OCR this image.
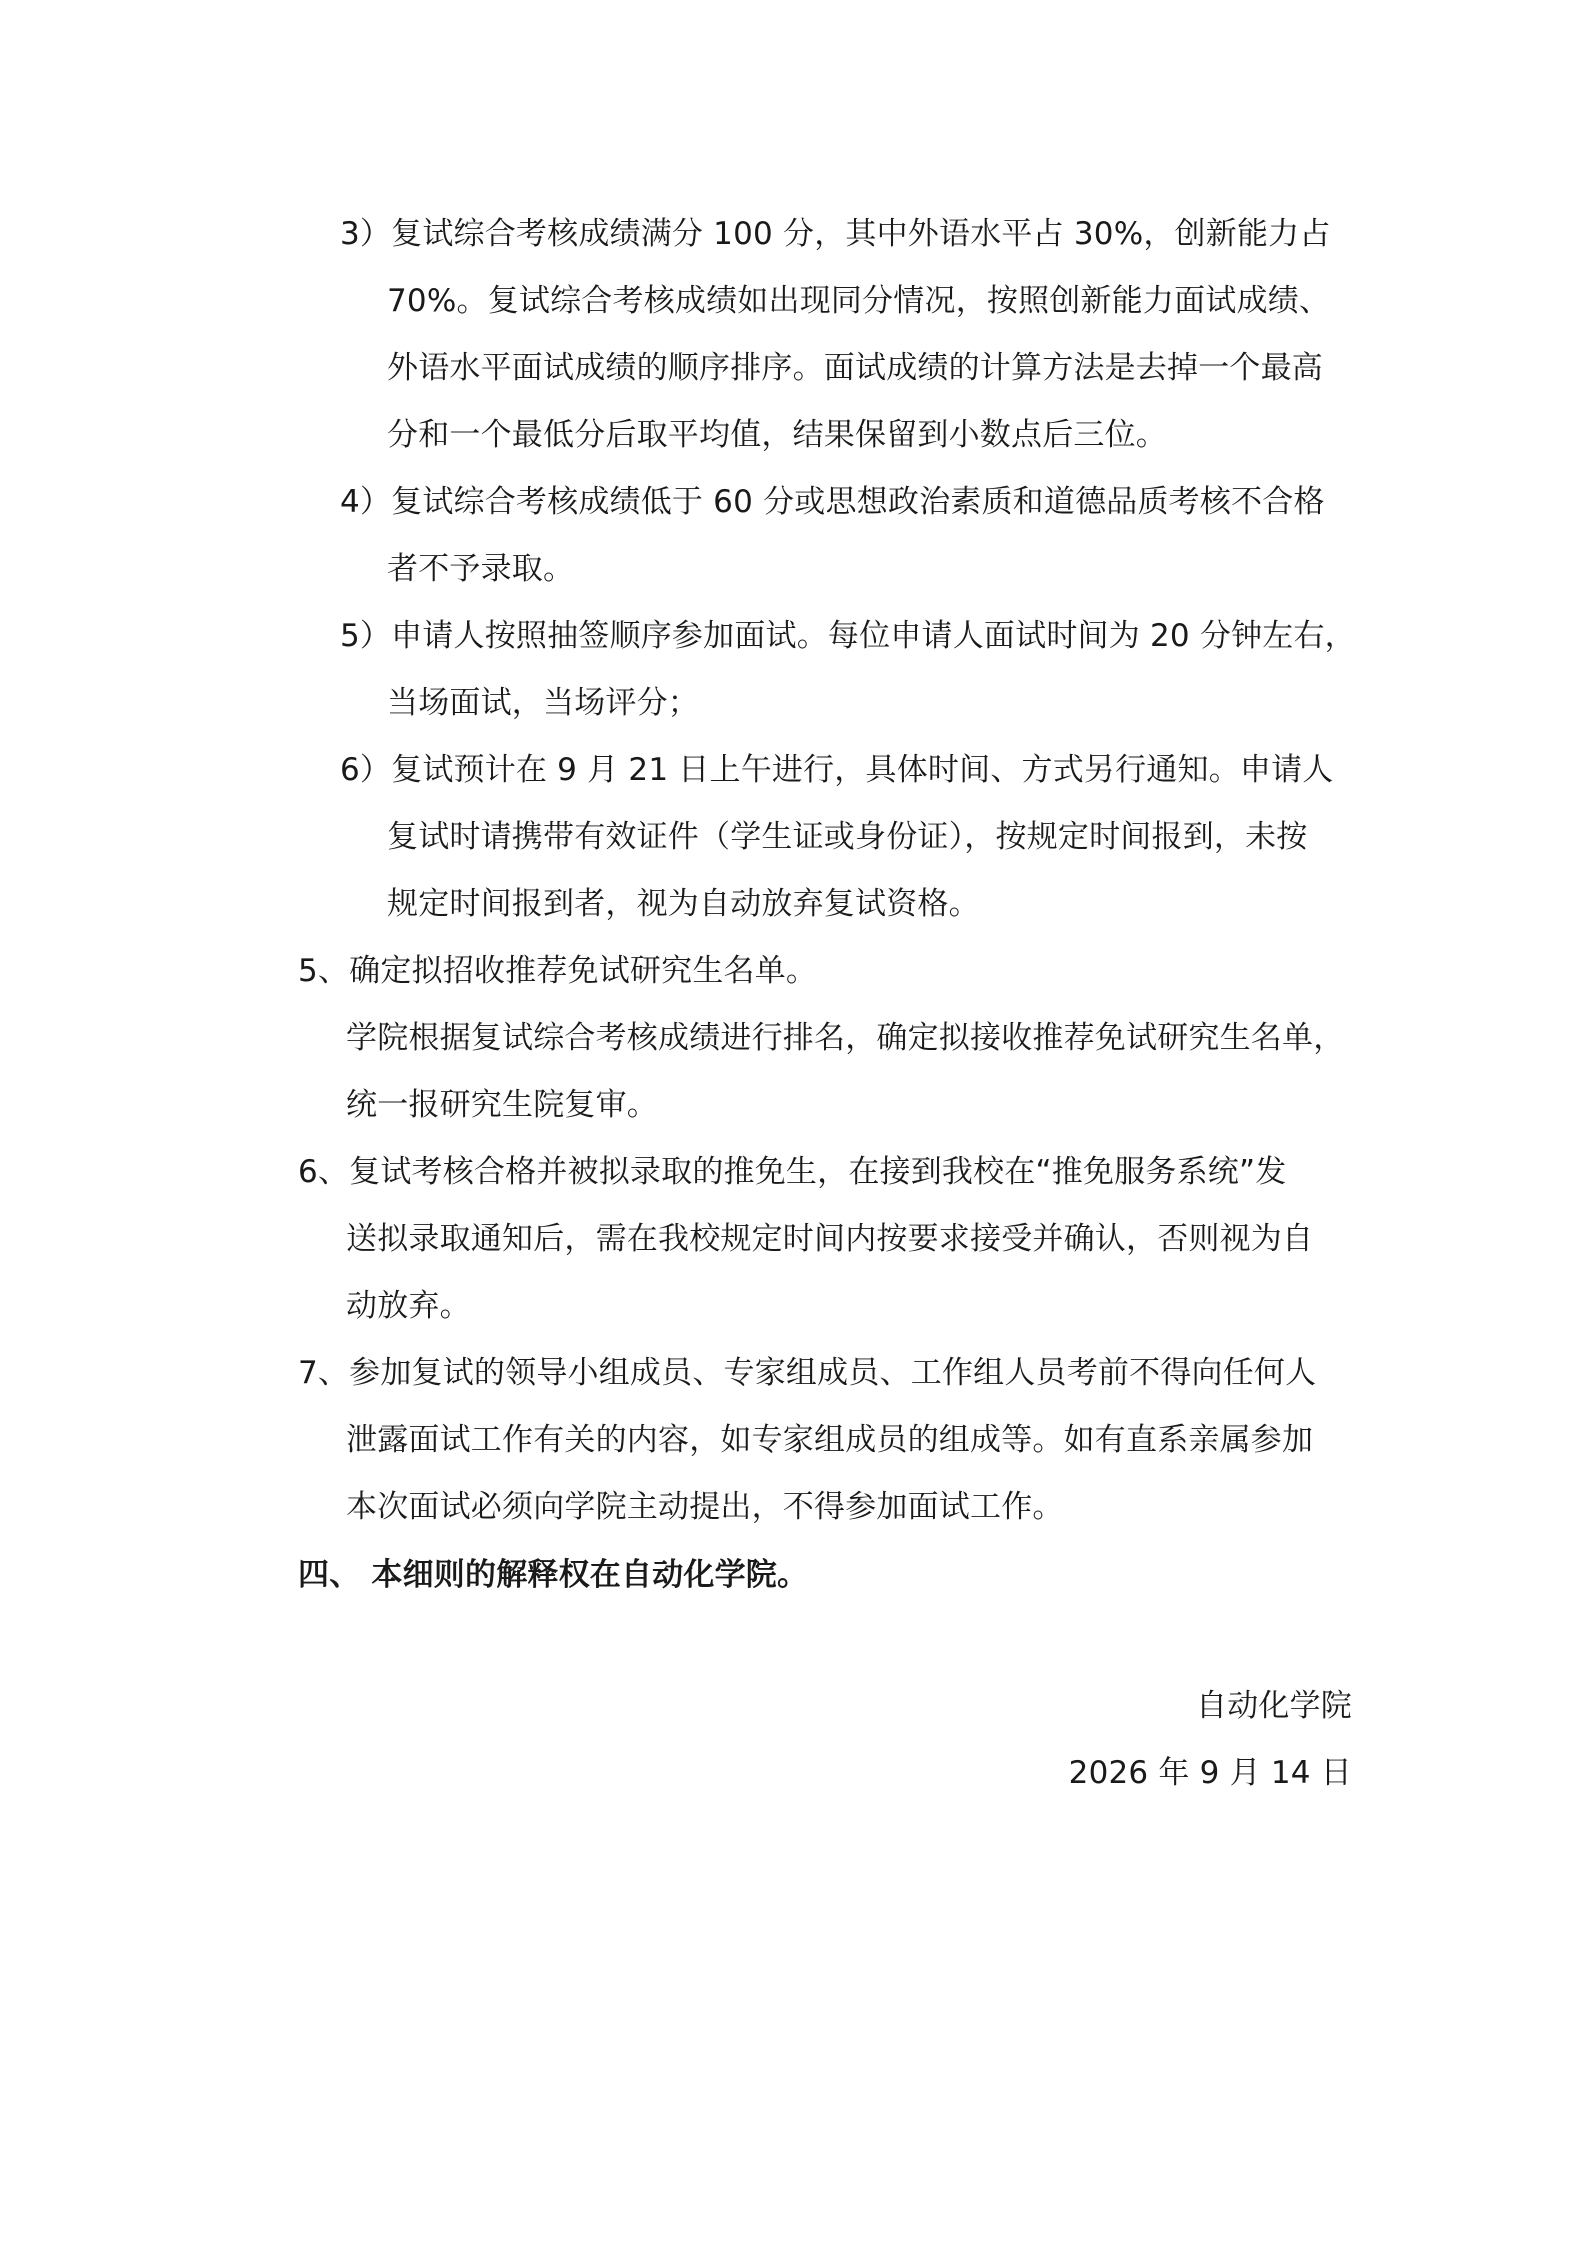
3）复试综合考核成绩满分 100 分，其中外语水平占 30%，创新能力占
70%。复试综合考核成绩如出现同分情况，按照创新能力面试成绩、
外语水平面试成绩的顺序排序。面试成绩的计算方法是去掉一个最高
分和一个最低分后取平均值，结果保留到小数点后三位。
4）复试综合考核成绩低于 60 分或思想政治素质和道德品质考核不合格
者不予录取。
5）申请人按照抽签顺序参加面试。每位申请人面试时间为 20 分钟左右，
当场面试，当场评分；
6）复试预计在 9 月 21 日上午进行，具体时间、方式另行通知。申请人
复试时请携带有效证件（学生证或身份证），按规定时间报到，未按
规定时间报到者，视为自动放弃复试资格。
5、确定拟招收推荐免试研究生名单。
学院根据复试综合考核成绩进行排名，确定拟接收推荐免试研究生名单，
统一报研究生院复审。
6、复试考核合格并被拟录取的推免生，在接到我校在“推免服务系统”发
送拟录取通知后，需在我校规定时间内按要求接受并确认，否则视为自
动放弃。
7、参加复试的领导小组成员、专家组成员、工作组人员考前不得向任何人
泄露面试工作有关的内容，如专家组成员的组成等。如有直系亲属参加
本次面试必须向学院主动提出，不得参加面试工作。
四、 本细则的解释权在自动化学院。
自动化学院
2026 年 9 月 14 日
